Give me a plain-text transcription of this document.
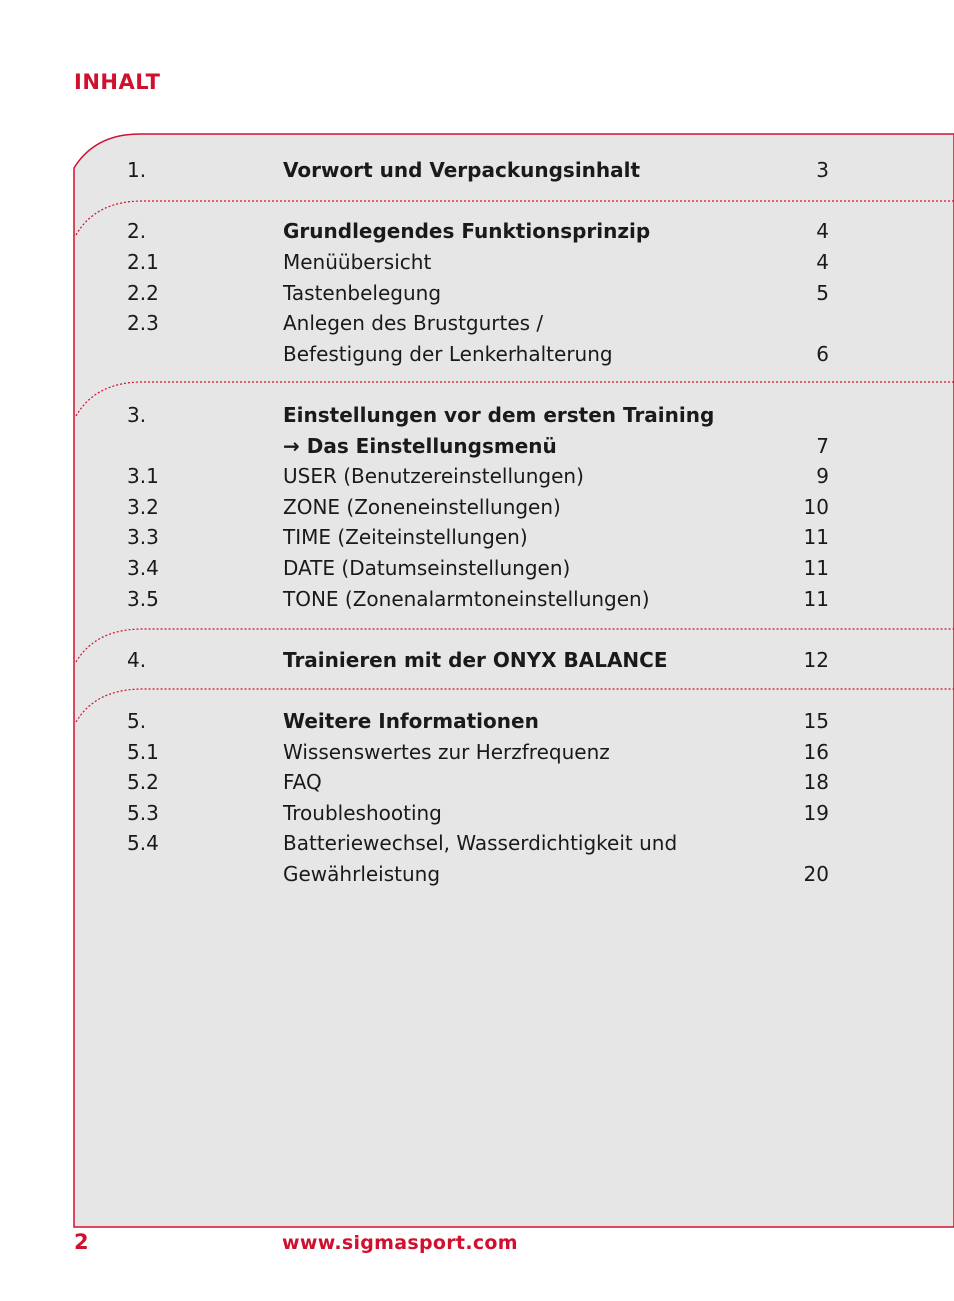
INHALT
1.	Vorwort und Verpackungsinhalt	3
2.	Grundlegendes Funktionsprinzip	4
2.1	Menüübersicht	4
2.2	Tastenbelegung	5
2.3	Anlegen des Brustgurtes /
Befestigung der Lenkerhalterung	6
3.	Einstellungen vor dem ersten Training
→ Das Einstellungsmenü	7
3.1	USER (Benutzereinstellungen)	9
3.2	ZONE (Zoneneinstellungen)	10
3.3	TIME (Zeiteinstellungen)	11
3.4	DATE (Datumseinstellungen)	11
3.5	TONE (Zonenalarmtoneinstellungen)	11
4.	Trainieren mit der ONYX BALANCE	12
5.	Weitere Informationen	15
5.1	Wissenswertes zur Herzfrequenz	16
5.2	FAQ	18
5.3	Troubleshooting	19
5.4	Batteriewechsel, Wasserdichtigkeit und
Gewährleistung	20
2	www.sigmasport.com
